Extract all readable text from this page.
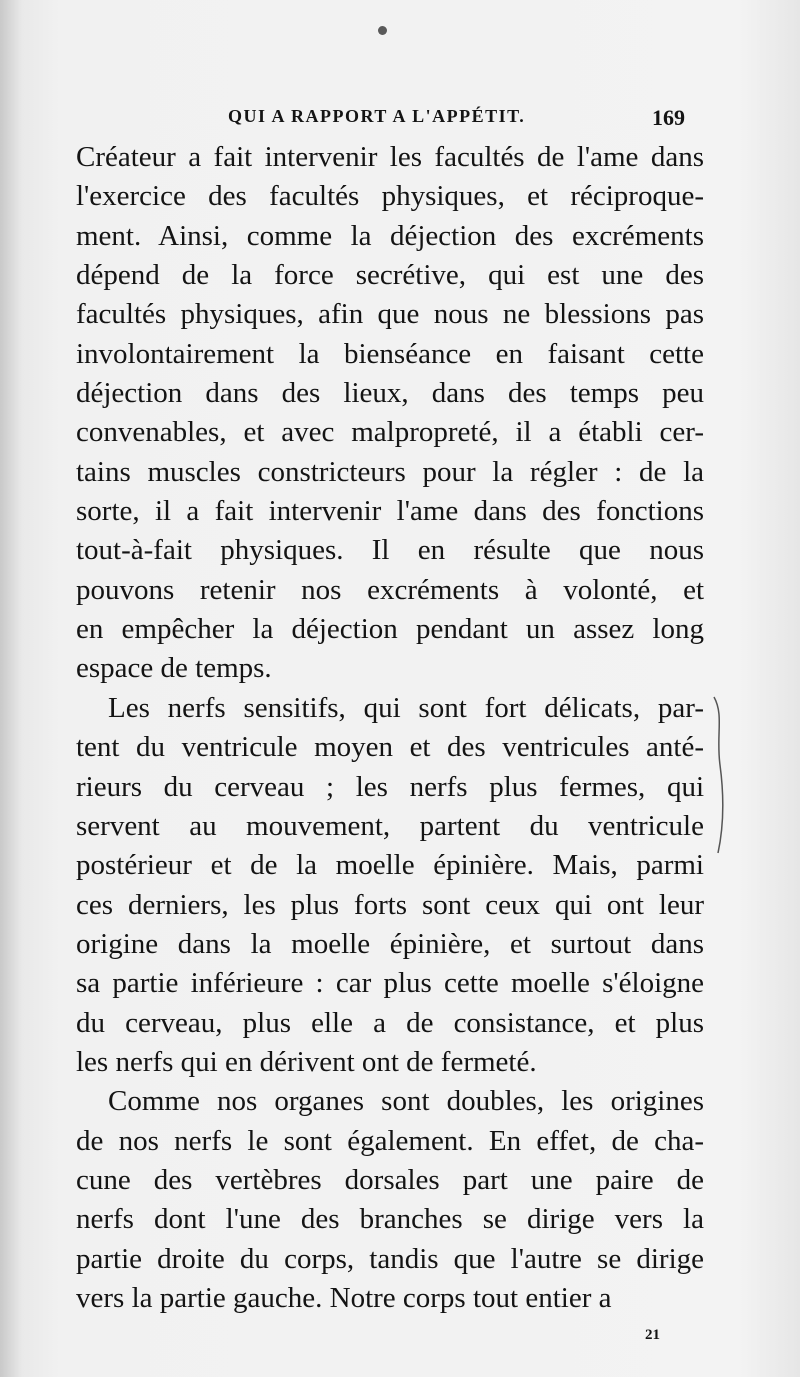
QUI A RAPPORT A L'APPÉTIT.	169
Créateur a fait intervenir les facultés de l'ame dans
l'exercice des facultés physiques, et réciproque-
ment. Ainsi, comme la déjection des excréments
dépend de la force secrétive, qui est une des
facultés physiques, afin que nous ne blessions pas
involontairement la bienséance en faisant cette
déjection dans des lieux, dans des temps peu
convenables, et avec malpropreté, il a établi cer-
tains muscles constricteurs pour la régler : de la
sorte, il a fait intervenir l'ame dans des fonctions
tout-à-fait physiques. Il en résulte que nous
pouvons retenir nos excréments à volonté, et
en empêcher la déjection pendant un assez long
espace de temps.
Les nerfs sensitifs, qui sont fort délicats, par-
tent du ventricule moyen et des ventricules anté-
rieurs du cerveau ; les nerfs plus fermes, qui
servent au mouvement, partent du ventricule
postérieur et de la moelle épinière. Mais, parmi
ces derniers, les plus forts sont ceux qui ont leur
origine dans la moelle épinière, et surtout dans
sa partie inférieure : car plus cette moelle s'éloigne
du cerveau, plus elle a de consistance, et plus
les nerfs qui en dérivent ont de fermeté.
Comme nos organes sont doubles, les origines
de nos nerfs le sont également. En effet, de cha-
cune des vertèbres dorsales part une paire de
nerfs dont l'une des branches se dirige vers la
partie droite du corps, tandis que l'autre se dirige
vers la partie gauche. Notre corps tout entier a
21
